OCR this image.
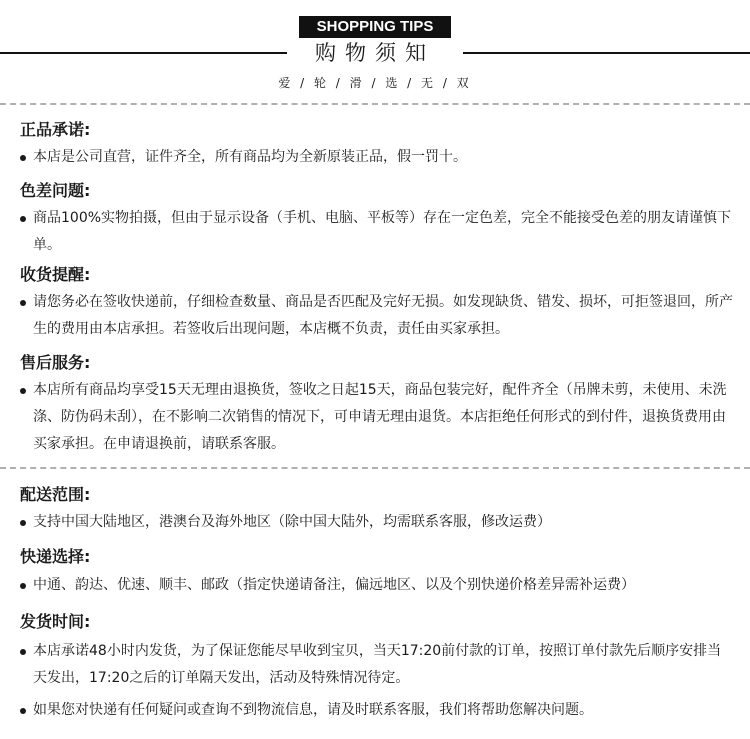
SHOPPING TIPS
购物须知
爱 / 轮 / 滑 / 选 / 无 / 双
正品承诺:
本店是公司直营，证件齐全，所有商品均为全新原装正品，假一罚十。
色差问题:
商品100%实物拍摄，但由于显示设备（手机、电脑、平板等）存在一定色差，完全不能接受色差的朋友请谨慎下单。
收货提醒:
请您务必在签收快递前，仔细检查数量、商品是否匹配及完好无损。如发现缺货、错发、损坏，可拒签退回，所产生的费用由本店承担。若签收后出现问题，本店概不负责，责任由买家承担。
售后服务:
本店所有商品均享受15天无理由退换货，签收之日起15天，商品包装完好，配件齐全（吊牌未剪，未使用、未洗涤、防伪码未刮），在不影响二次销售的情况下，可申请无理由退货。本店拒绝任何形式的到付件，退换货费用由买家承担。在申请退换前，请联系客服。
配送范围:
支持中国大陆地区，港澳台及海外地区（除中国大陆外，均需联系客服，修改运费）
快递选择:
中通、韵达、优速、顺丰、邮政（指定快递请备注，偏远地区、以及个别快递价格差异需补运费）
发货时间:
本店承诺48小时内发货，为了保证您能尽早收到宝贝，当天17:20前付款的订单，按照订单付款先后顺序安排当天发出，17:20之后的订单隔天发出，活动及特殊情况待定。
如果您对快递有任何疑问或查询不到物流信息，请及时联系客服，我们将帮助您解决问题。
